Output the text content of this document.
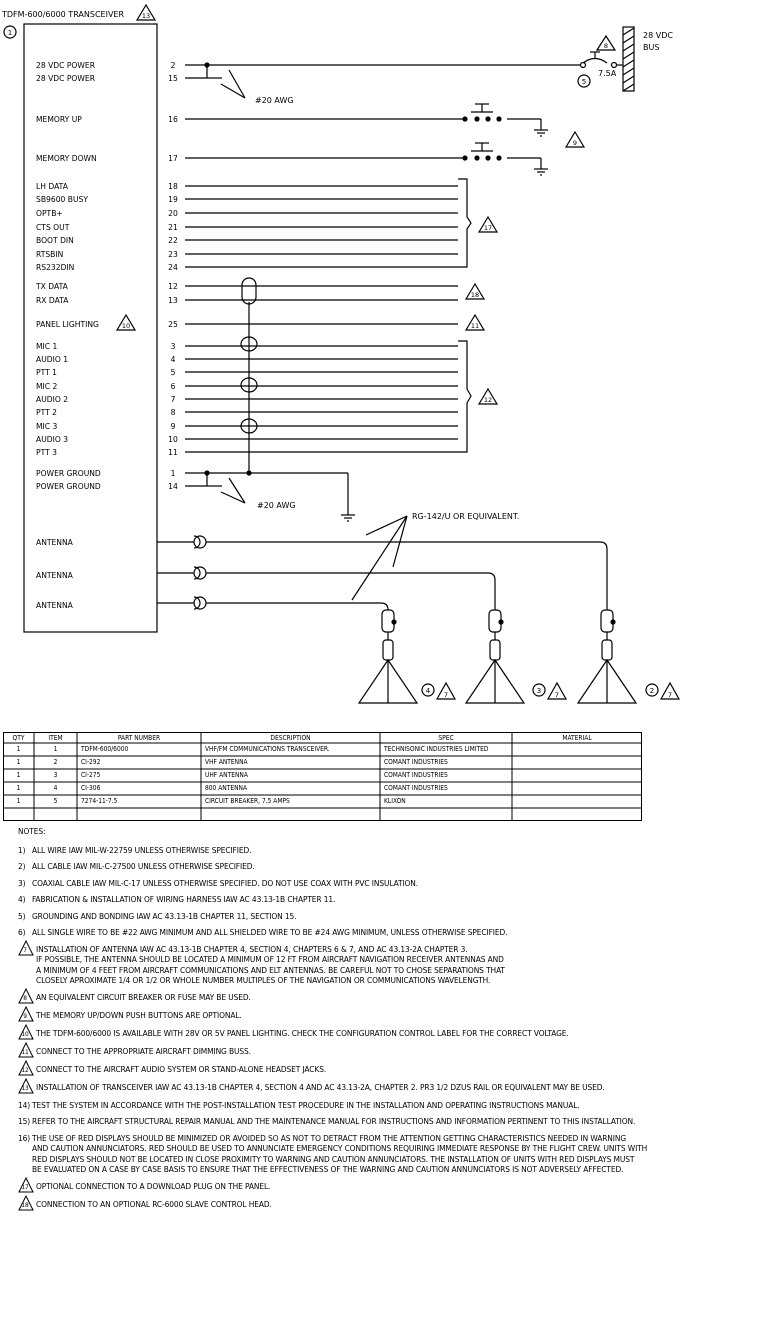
TDFM-600/6000 TRANSCEIVER	13
1
28 VDC POWER	2
28 VDC POWER	15
MEMORY UP	16
MEMORY DOWN	17
LH DATA	18
SB9600 BUSY	19
OPTB+	20
CTS OUT	21
BOOT DIN	22
RTSBIN	23
RS232DIN	24
TX DATA	12
RX DATA	13
PANEL LIGHTING	25
MIC 1	3
AUDIO 1	4
PTT 1	5
MIC 2	6
AUDIO 2	7
PTT 2	8
MIC 3	9
AUDIO 3	10
PTT 3	11
POWER GROUND	1
POWER GROUND	14
ANTENNA
ANTENNA
ANTENNA
#20 AWG
7.5A
5
8
28 VDC
BUS
9
17
18
11
12
10
#20 AWG
RG-142/U OR EQUIVALENT.
4 7	3 7	2 7
QTY	ITEM	PART NUMBER	DESCRIPTION	SPEC	MATERIAL
1	1	TDFM-600/6000	VHF/FM COMMUNICATIONS TRANSCEIVER.	TECHNISONIC INDUSTRIES LIMITED
1	2	CI-292	VHF ANTENNA	COMANT INDUSTRIES
1	3	CI-275	UHF ANTENNA	COMANT INDUSTRIES
1	4	CI-306	800 ANTENNA	COMANT INDUSTRIES
1	5	7274-11-7.5	CIRCUIT BREAKER, 7.5 AMPS	KLIXON
NOTES:
1) ALL WIRE IAW MIL-W-22759 UNLESS OTHERWISE SPECIFIED.
2) ALL CABLE IAW MIL-C-27500 UNLESS OTHERWISE SPECIFIED.
3) COAXIAL CABLE IAW MIL-C-17 UNLESS OTHERWISE SPECIFIED. DO NOT USE COAX WITH PVC INSULATION.
4) FABRICATION & INSTALLATION OF WIRING HARNESS IAW AC 43.13-1B CHAPTER 11.
5) GROUNDING AND BONDING IAW AC 43.13-1B CHAPTER 11, SECTION 15.
6) ALL SINGLE WIRE TO BE #22 AWG MINIMUM AND ALL SHIELDED WIRE TO BE #24 AWG MINIMUM, UNLESS OTHERWISE SPECIFIED.
7	INSTALLATION OF ANTENNA IAW AC 43.13-1B CHAPTER 4, SECTION 4, CHAPTERS 6 & 7, AND AC 43.13-2A CHAPTER 3.
IF POSSIBLE, THE ANTENNA SHOULD BE LOCATED A MINIMUM OF 12 FT FROM AIRCRAFT NAVIGATION RECEIVER ANTENNAS AND
A MINIMUM OF 4 FEET FROM AIRCRAFT COMMUNICATIONS AND ELT ANTENNAS. BE CAREFUL NOT TO CHOSE SEPARATIONS THAT
CLOSELY APROXIMATE 1/4 OR 1/2 OR WHOLE NUMBER MULTIPLES OF THE NAVIGATION OR COMMUNICATIONS WAVELENGTH.
8	AN EQUIVALENT CIRCUIT BREAKER OR FUSE MAY BE USED.
9	THE MEMORY UP/DOWN PUSH BUTTONS ARE OPTIONAL.
10 THE TDFM-600/6000 IS AVAILABLE WITH 28V OR 5V PANEL LIGHTING. CHECK THE CONFIGURATION CONTROL LABEL FOR THE CORRECT VOLTAGE.
11 CONNECT TO THE APPROPRIATE AIRCRAFT DIMMING BUSS.
12 CONNECT TO THE AIRCRAFT AUDIO SYSTEM OR STAND-ALONE HEADSET JACKS.
13 INSTALLATION OF TRANSCEIVER IAW AC 43.13-1B CHAPTER 4, SECTION 4 AND AC 43.13-2A, CHAPTER 2. PR3 1/2 DZUS RAIL OR EQUIVALENT MAY BE USED.
14) TEST THE SYSTEM IN ACCORDANCE WITH THE POST-INSTALLATION TEST PROCEDURE IN THE INSTALLATION AND OPERATING INSTRUCTIONS MANUAL.
15) REFER TO THE AIRCRAFT STRUCTURAL REPAIR MANUAL AND THE MAINTENANCE MANUAL FOR INSTRUCTIONS AND INFORMATION PERTINENT TO THIS INSTALLATION.
16) THE USE OF RED DISPLAYS SHOULD BE MINIMIZED OR AVOIDED SO AS NOT TO DETRACT FROM THE ATTENTION GETTING CHARACTERISTICS NEEDED IN WARNING
AND CAUTION ANNUNCIATORS. RED SHOULD BE USED TO ANNUNCIATE EMERGENCY CONDITIONS REQUIRING IMMEDIATE RESPONSE BY THE FLIGHT CREW. UNITS WITH
RED DISPLAYS SHOULD NOT BE LOCATED IN CLOSE PROXIMITY TO WARNING AND CAUTION ANNUNCIATORS. THE INSTALLATION OF UNITS WITH RED DISPLAYS MUST
BE EVALUATED ON A CASE BY CASE BASIS TO ENSURE THAT THE EFFECTIVENESS OF THE WARNING AND CAUTION ANNUNCIATORS IS NOT ADVERSELY AFFECTED.
17 OPTIONAL CONNECTION TO A DOWNLOAD PLUG ON THE PANEL.
18 CONNECTION TO AN OPTIONAL RC-6000 SLAVE CONTROL HEAD.
